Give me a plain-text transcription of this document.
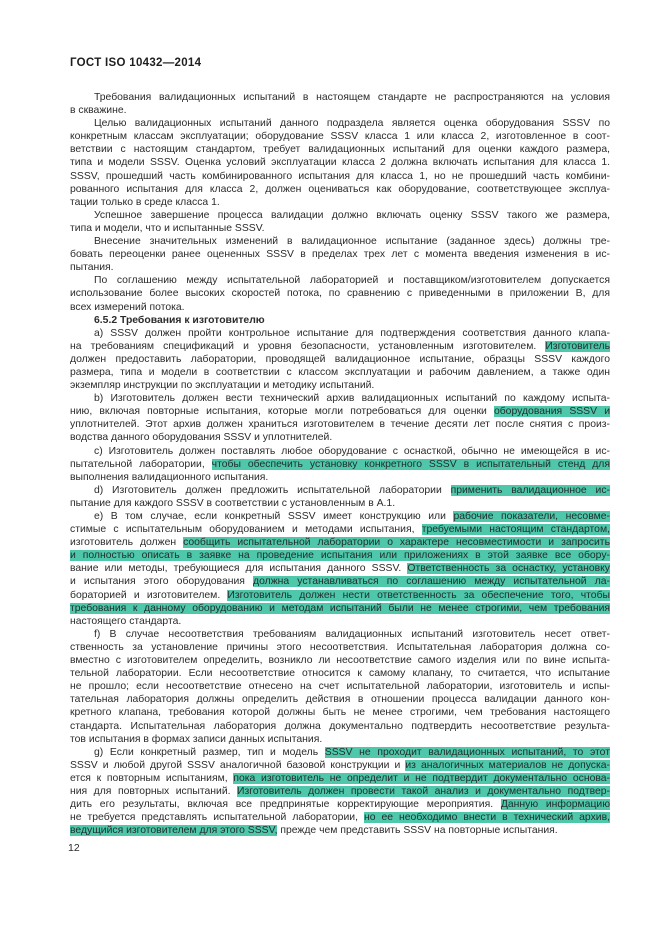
ГОСТ ISO 10432—2014
Требования валидационных испытаний в настоящем стандарте не распространяются на условия
в скважине.
Целью валидационных испытаний данного подраздела является оценка оборудования SSSV по
конкретным классам эксплуатации; оборудование SSSV класса 1 или класса 2, изготовленное в соот-
ветствии с настоящим стандартом, требует валидационных испытаний для оценки каждого размера,
типа и модели SSSV. Оценка условий эксплуатации класса 2 должна включать испытания для класса 1.
SSSV, прошедший часть комбинированного испытания для класса 1, но не прошедший часть комбини-
рованного испытания для класса 2, должен оцениваться как оборудование, соответствующее эксплуа-
тации только в среде класса 1.
Успешное завершение процесса валидации должно включать оценку SSSV такого же размера,
типа и модели, что и испытанные SSSV.
Внесение значительных изменений в валидационное испытание (заданное здесь) должны тре-
бовать переоценки ранее оцененных SSSV в пределах трех лет с момента введения изменения в ис-
пытания.
По соглашению между испытательной лабораторией и поставщиком/изготовителем допускается
использование более высоких скоростей потока, по сравнению с приведенными в приложении В, для
всех измерений потока.
6.5.2 Требования к изготовителю
a) SSSV должен пройти контрольное испытание для подтверждения соответствия данного клапа-
на требованиям спецификаций и уровня безопасности, установленным изготовителем. Изготовитель
должен предоставить лаборатории, проводящей валидационное испытание, образцы SSSV каждого
размера, типа и модели в соответствии с классом эксплуатации и рабочим давлением, а также один
экземпляр инструкции по эксплуатации и методику испытаний.
b) Изготовитель должен вести технический архив валидационных испытаний по каждому испыта-
нию, включая повторные испытания, которые могли потребоваться для оценки оборудования SSSV и
уплотнителей. Этот архив должен храниться изготовителем в течение десяти лет после снятия с произ-
водства данного оборудования SSSV и уплотнителей.
c) Изготовитель должен поставлять любое оборудование с оснасткой, обычно не имеющейся в ис-
пытательной лаборатории, чтобы обеспечить установку конкретного SSSV в испытательный стенд для
выполнения валидационного испытания.
d) Изготовитель должен предложить испытательной лаборатории применить валидационное ис-
пытание для каждого SSSV в соответствии с установленным в А.1.
e) В том случае, если конкретный SSSV имеет конструкцию или рабочие показатели, несовме-
стимые с испытательным оборудованием и методами испытания, требуемыми настоящим стандартом,
изготовитель должен сообщить испытательной лаборатории о характере несовместимости и запросить
и полностью описать в заявке на проведение испытания или приложениях в этой заявке все обору-
вание или методы, требующиеся для испытания данного SSSV. Ответственность за оснастку, установку
и испытания этого оборудования должна устанавливаться по соглашению между испытательной ла-
бораторией и изготовителем. Изготовитель должен нести ответственность за обеспечение того, чтобы
требования к данному оборудованию и методам испытаний были не менее строгими, чем требования
настоящего стандарта.
f) В случае несоответствия требованиям валидационных испытаний изготовитель несет ответ-
ственность за установление причины этого несоответствия. Испытательная лаборатория должна со-
вместно с изготовителем определить, возникло ли несоответствие самого изделия или по вине испыта-
тельной лаборатории. Если несоответствие относится к самому клапану, то считается, что испытание
не прошло; если несоответствие отнесено на счет испытательной лаборатории, изготовитель и испы-
тательная лаборатория должны определить действия в отношении процесса валидации данного кон-
кретного клапана, требования которой должны быть не менее строгими, чем требования настоящего
стандарта. Испытательная лаборатория должна документально подтвердить несоответствие результа-
тов испытания в формах записи данных испытания.
g) Если конкретный размер, тип и модель SSSV не проходит валидационных испытаний, то этот
SSSV и любой другой SSSV аналогичной базовой конструкции и из аналогичных материалов не допуска-
ется к повторным испытаниям, пока изготовитель не определит и не подтвердит документально основа-
ния для повторных испытаний. Изготовитель должен провести такой анализ и документально подтвер-
дить его результаты, включая все предпринятые корректирующие мероприятия. Данную информацию
не требуется представлять испытательной лаборатории, но ее необходимо внести в технический архив,
ведущийся изготовителем для этого SSSV, прежде чем представить SSSV на повторные испытания.
12
